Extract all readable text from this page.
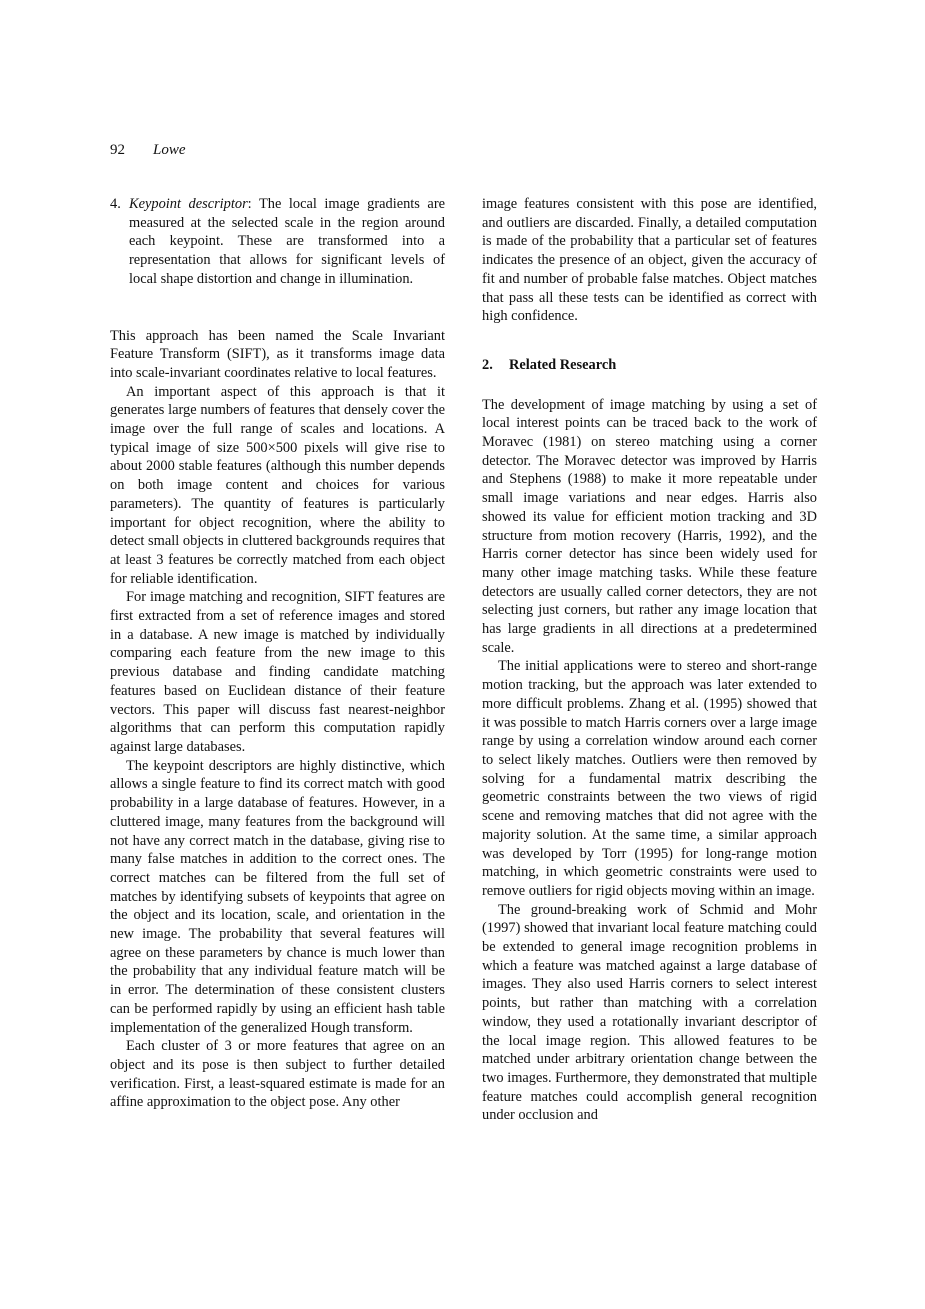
92 Lowe
4. Keypoint descriptor: The local image gradients are measured at the selected scale in the region around each keypoint. These are transformed into a representation that allows for significant levels of local shape distortion and change in illumination.

This approach has been named the Scale Invariant Feature Transform (SIFT), as it transforms image data into scale-invariant coordinates relative to local features.

An important aspect of this approach is that it generates large numbers of features that densely cover the image over the full range of scales and locations. A typical image of size 500×500 pixels will give rise to about 2000 stable features (although this number depends on both image content and choices for various parameters). The quantity of features is particularly important for object recognition, where the ability to detect small objects in cluttered backgrounds requires that at least 3 features be correctly matched from each object for reliable identification.

For image matching and recognition, SIFT features are first extracted from a set of reference images and stored in a database. A new image is matched by individually comparing each feature from the new image to this previous database and finding candidate matching features based on Euclidean distance of their feature vectors. This paper will discuss fast nearest-neighbor algorithms that can perform this computation rapidly against large databases.

The keypoint descriptors are highly distinctive, which allows a single feature to find its correct match with good probability in a large database of features. However, in a cluttered image, many features from the background will not have any correct match in the database, giving rise to many false matches in addition to the correct ones. The correct matches can be filtered from the full set of matches by identifying subsets of keypoints that agree on the object and its location, scale, and orientation in the new image. The probability that several features will agree on these parameters by chance is much lower than the probability that any individual feature match will be in error. The determination of these consistent clusters can be performed rapidly by using an efficient hash table implementation of the generalized Hough transform.

Each cluster of 3 or more features that agree on an object and its pose is then subject to further detailed verification. First, a least-squared estimate is made for an affine approximation to the object pose. Any other

image features consistent with this pose are identified, and outliers are discarded. Finally, a detailed computation is made of the probability that a particular set of features indicates the presence of an object, given the accuracy of fit and number of probable false matches. Object matches that pass all these tests can be identified as correct with high confidence.

2. Related Research

The development of image matching by using a set of local interest points can be traced back to the work of Moravec (1981) on stereo matching using a corner detector. The Moravec detector was improved by Harris and Stephens (1988) to make it more repeatable under small image variations and near edges. Harris also showed its value for efficient motion tracking and 3D structure from motion recovery (Harris, 1992), and the Harris corner detector has since been widely used for many other image matching tasks. While these feature detectors are usually called corner detectors, they are not selecting just corners, but rather any image location that has large gradients in all directions at a predetermined scale.

The initial applications were to stereo and short-range motion tracking, but the approach was later extended to more difficult problems. Zhang et al. (1995) showed that it was possible to match Harris corners over a large image range by using a correlation window around each corner to select likely matches. Outliers were then removed by solving for a fundamental matrix describing the geometric constraints between the two views of rigid scene and removing matches that did not agree with the majority solution. At the same time, a similar approach was developed by Torr (1995) for long-range motion matching, in which geometric constraints were used to remove outliers for rigid objects moving within an image.

The ground-breaking work of Schmid and Mohr (1997) showed that invariant local feature matching could be extended to general image recognition problems in which a feature was matched against a large database of images. They also used Harris corners to select interest points, but rather than matching with a correlation window, they used a rotationally invariant descriptor of the local image region. This allowed features to be matched under arbitrary orientation change between the two images. Furthermore, they demonstrated that multiple feature matches could accomplish general recognition under occlusion and
